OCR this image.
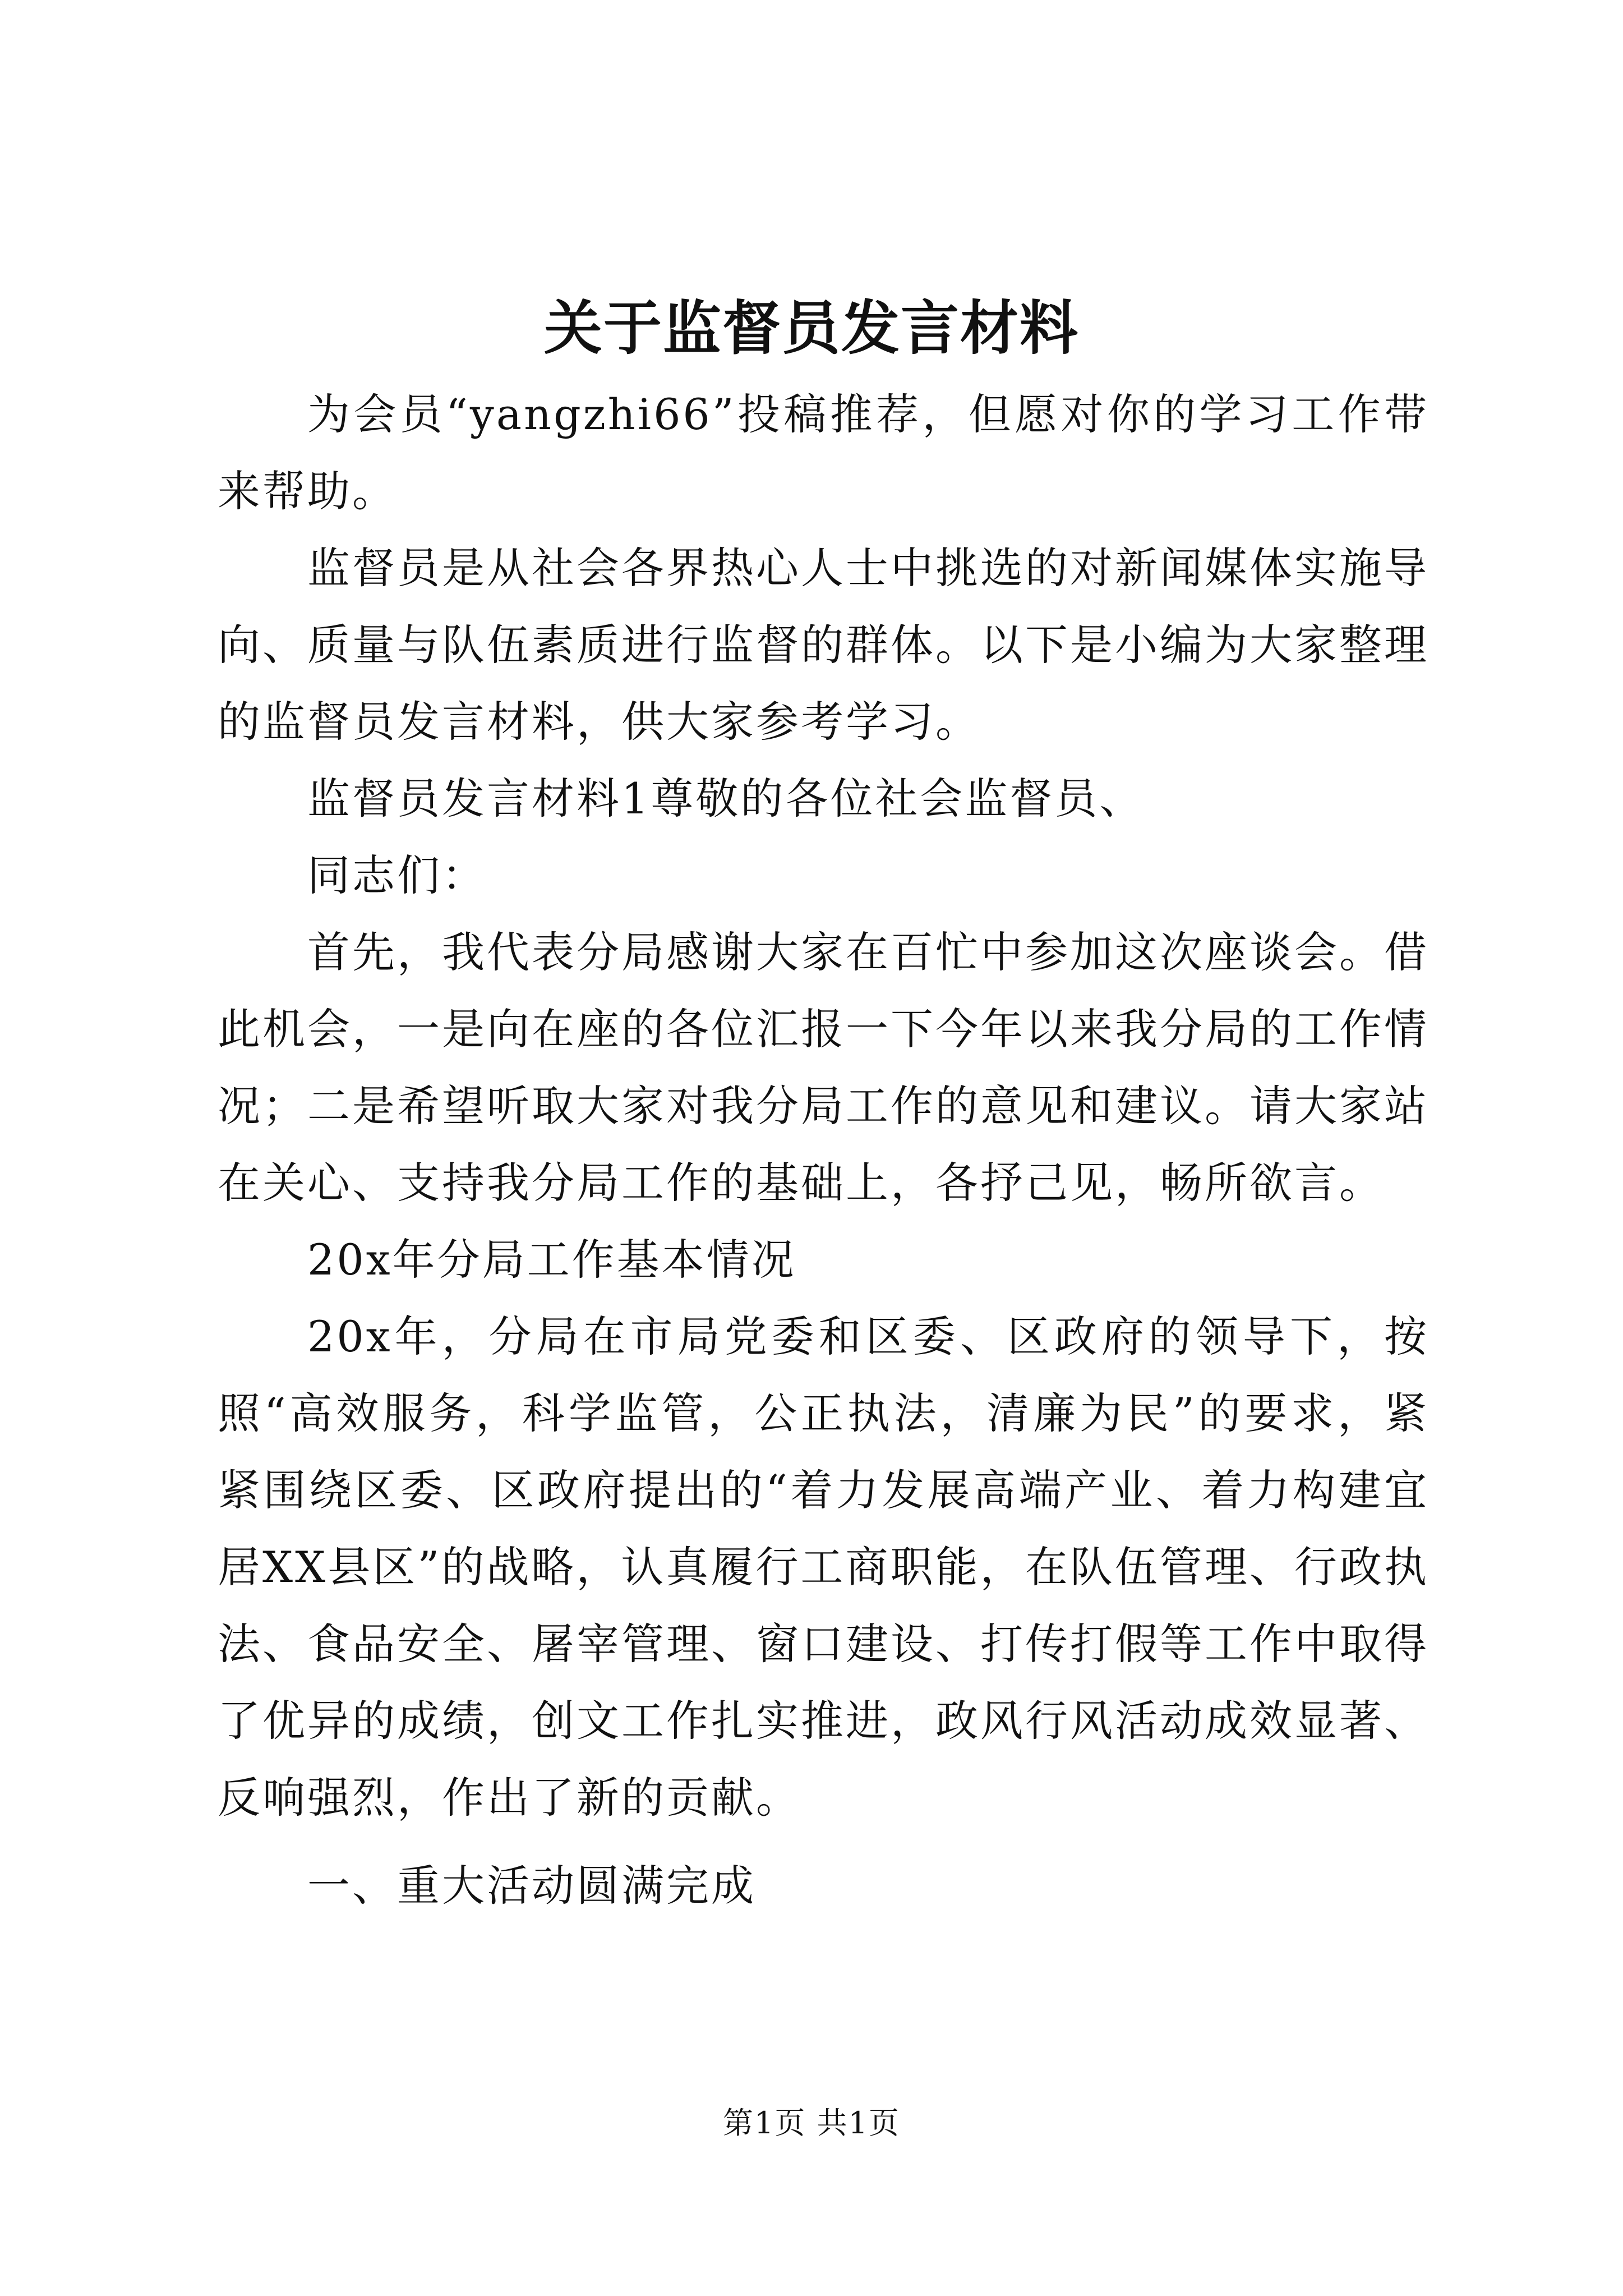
关于监督员发言材料

为会员“yangzhi66”投稿推荐，但愿对你的学习工作带来帮助。

监督员是从社会各界热心人士中挑选的对新闻媒体实施导向、质量与队伍素质进行监督的群体。以下是小编为大家整理的监督员发言材料，供大家参考学习。

监督员发言材料1尊敬的各位社会监督员、

同志们：

首先，我代表分局感谢大家在百忙中参加这次座谈会。借此机会，一是向在座的各位汇报一下今年以来我分局的工作情况；二是希望听取大家对我分局工作的意见和建议。请大家站在关心、支持我分局工作的基础上，各抒己见，畅所欲言。

20x年分局工作基本情况

20x年，分局在市局党委和区委、区政府的领导下，按照“高效服务，科学监管，公正执法，清廉为民”的要求，紧紧围绕区委、区政府提出的“着力发展高端产业、着力构建宜居XX县区”的战略，认真履行工商职能，在队伍管理、行政执法、食品安全、屠宰管理、窗口建设、打传打假等工作中取得了优异的成绩，创文工作扎实推进，政风行风活动成效显著、反响强烈，作出了新的贡献。

一、重大活动圆满完成

第1页 共1页
